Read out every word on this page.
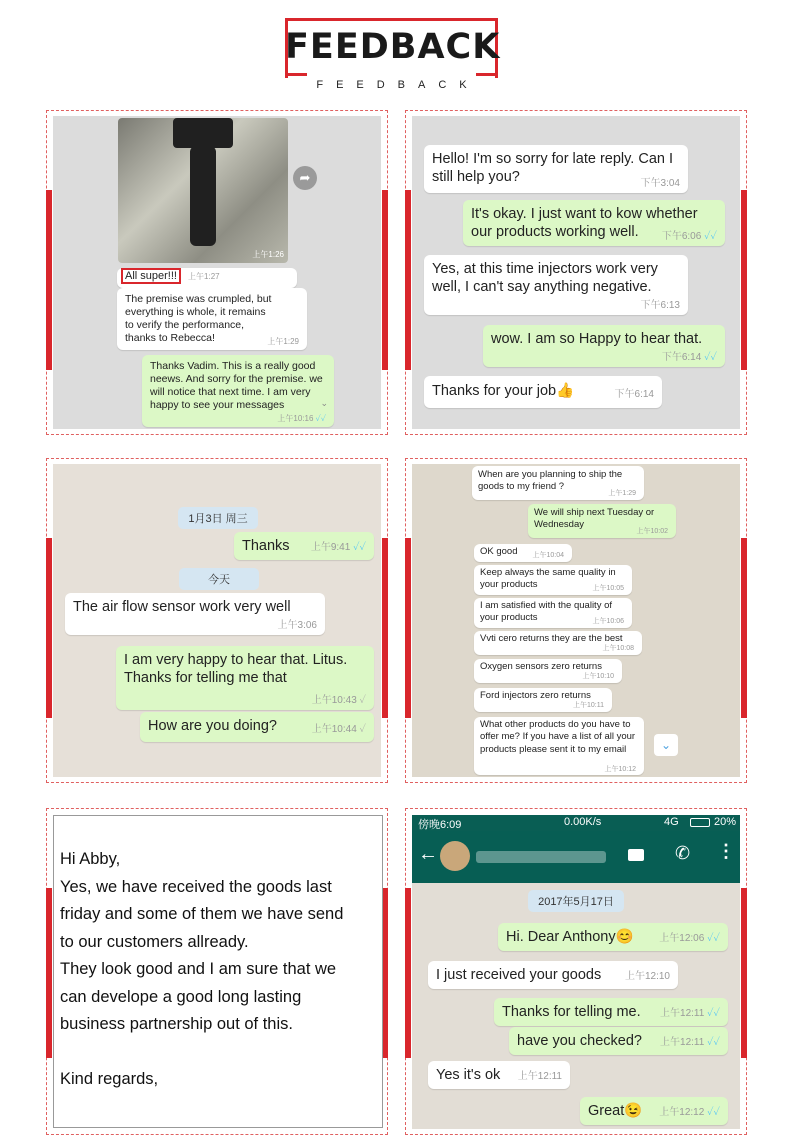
FEEDBACK
FEEDBACK
上午1:26
➦
All super!!! 上午1:27
The premise was crumpled, but everything is whole, it remains to verify the performance, thanks to Rebecca!	上午1:29
Thanks Vadim. This is a really good neews. And sorry for the premise. we will notice that next time. I am very happy to see your messages
上午10:16 ✓✓
⌄
Hello! I'm so sorry for late reply. Can I still help you?	下午3:04
It's okay. I just want to kow whether our products working well. 下午6:06 ✓✓
Yes, at this time injectors work very well, I can't say anything negative.
下午6:13
wow. I am so Happy to hear that.
下午6:14 ✓✓
Thanks for your job👍	下午6:14
1月3日 周三
Thanks 上午9:41 ✓✓
今天
The air flow sensor work very well
上午3:06
I am very happy to hear that. Litus. Thanks for telling me that
上午10:43 ✓
How are you doing?	上午10:44 ✓
When are you planning to ship the goods to my friend ?
上午1:29
We will ship next Tuesday or Wednesday
上午10:02
OK good 上午10:04
Keep always the same quality in your products	上午10:05
I am satisfied with the quality of your products	上午10:06
Vvti cero returns they are the best
上午10:08
Oxygen sensors zero returns
上午10:10
Ford injectors zero returns
上午10:11
What other products do you have to offer me? If you have a list of all your products please sent it to my email
上午10:12
⌄
Hi Abby,
Yes, we have received the goods last
friday and some of them we have send
to our customers allready.
They look good and I am sure that we
can develope a good long lasting
business partnership out of this.
Kind regards,
傍晚6:09	0.00K/s	4G	20%
←	✆ ⋮
2017年5月17日
Hi. Dear Anthony😊	上午12:06 ✓✓
I just received your goods 上午12:10
Thanks for telling me. 上午12:11 ✓✓
have you checked? 上午12:11 ✓✓
Yes it's ok 上午12:11
Great😉 上午12:12 ✓✓
